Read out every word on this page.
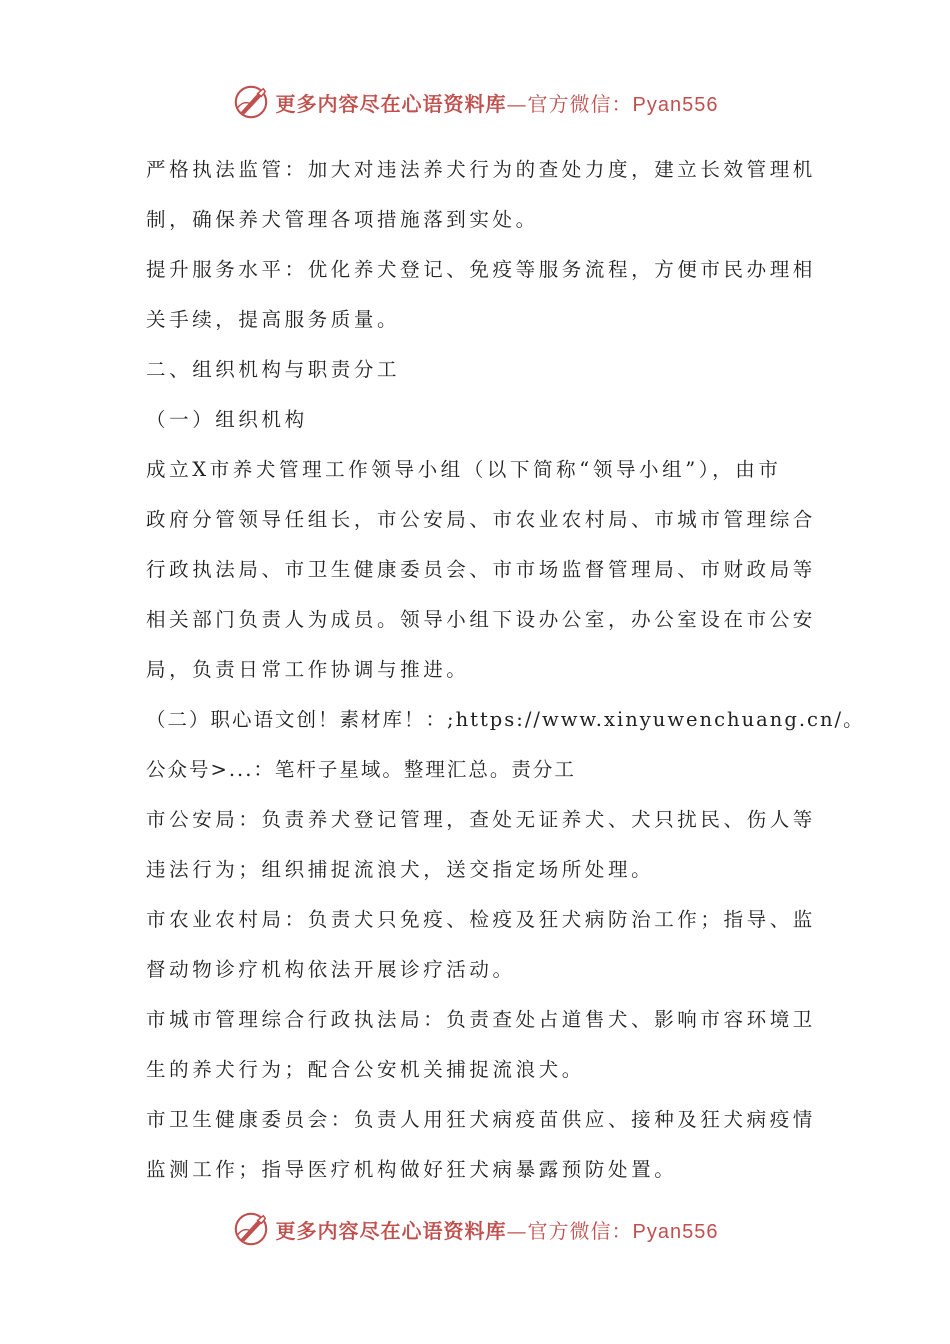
更多内容尽在心语资料库—官方微信：Pyan556
严格执法监管：加大对违法养犬行为的查处力度，建立长效管理机
制，确保养犬管理各项措施落到实处。
提升服务水平：优化养犬登记、免疫等服务流程，方便市民办理相
关手续，提高服务质量。
二、组织机构与职责分工
（一）组织机构
成立X市养犬管理工作领导小组（以下简称“领导小组”），由市
政府分管领导任组长，市公安局、市农业农村局、市城市管理综合
行政执法局、市卫生健康委员会、市市场监督管理局、市财政局等
相关部门负责人为成员。领导小组下设办公室，办公室设在市公安
局，负责日常工作协调与推进。
（二）职心语文创！素材库！：;https://www.xinyuwenchuang.cn/。
公众号>...：笔杆子星域。整理汇总。责分工
市公安局：负责养犬登记管理，查处无证养犬、犬只扰民、伤人等
违法行为；组织捕捉流浪犬，送交指定场所处理。
市农业农村局：负责犬只免疫、检疫及狂犬病防治工作；指导、监
督动物诊疗机构依法开展诊疗活动。
市城市管理综合行政执法局：负责查处占道售犬、影响市容环境卫
生的养犬行为；配合公安机关捕捉流浪犬。
市卫生健康委员会：负责人用狂犬病疫苗供应、接种及狂犬病疫情
监测工作；指导医疗机构做好狂犬病暴露预防处置。
更多内容尽在心语资料库—官方微信：Pyan556
